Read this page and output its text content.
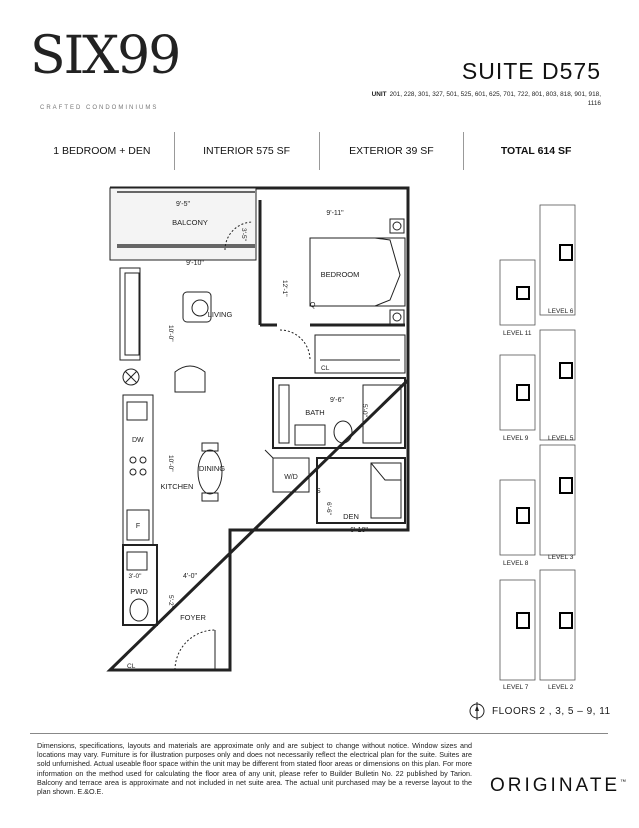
SIX99
CRAFTED CONDOMINIUMS
SUITE D575
UNIT 201, 228, 301, 327, 501, 525, 601, 625, 701, 722, 801, 803, 818, 901, 918, 1116
1 BEDROOM + DEN	INTERIOR 575 SF	EXTERIOR 39 SF	TOTAL 614 SF
9'-5"
BALCONY
3'-5"
9'-10"
LIVING
10'-0"
9'-11"
BEDROOM
12'-1"
Q
CL
9'-6"
BATH	5'-0"
DW
10'-0"	DINING
KITCHEN
W/D
S
6'-6"
DEN
6'-10"
F
3'-0"
PWD
4'-0"
5'-2"
FOYER
CL
LEVEL 11
LEVEL 6
LEVEL 9	LEVEL 5
LEVEL 8
LEVEL 3
LEVEL 7	LEVEL 2
FLOORS 2 , 3, 5 – 9, 11
Dimensions, specifications, layouts and materials are approximate only and are subject to change without notice. Window sizes and locations may vary. Furniture is for illustration purposes only and does not necessarily reflect the electrical plan for the suite. Suites are sold unfurnished. Actual useable floor space within the unit may be different from stated floor areas or dimensions on this plan. For more information on the method used for calculating the floor area of any unit, please refer to Builder Bulletin No. 22 published by Tarion. Balcony and terrace area is approximate and not included in net suite area. The actual unit purchased may be a reverse layout to the plan shown. E.&O.E.	ORIGINATE™
